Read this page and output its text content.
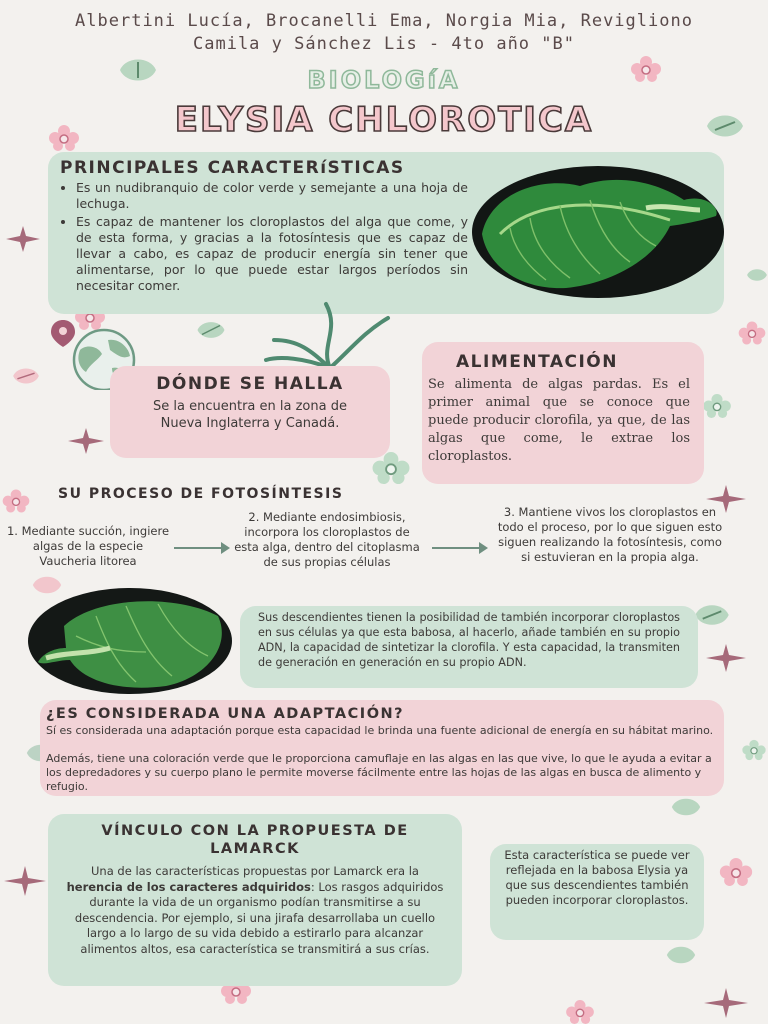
Albertini Lucía, Brocanelli Ema, Norgia Mia, Revigliono
Camila y Sánchez Lis - 4to año "B"
BIOLOGíA
ELYSIA CHLOROTICA
PRINCIPALES CARACTERíSTICAS
• Es un nudibranquio de color verde y semejante a una hoja de lechuga.
• Es capaz de mantener los cloroplastos del alga que come, y de esta forma, y gracias a la fotosíntesis que es capaz de llevar a cabo, es capaz de producir energía sin tener que alimentarse, por lo que puede estar largos períodos sin necesitar comer.
DÓNDE SE HALLA
Se la encuentra en la zona de Nueva Inglaterra y Canadá.
ALIMENTACIÓN
Se alimenta de algas pardas. Es el primer animal que se conoce que puede producir clorofila, ya que, de las algas que come, le extrae los cloroplastos.
SU PROCESO DE FOTOSÍNTESIS
1. Mediante succión, ingiere algas de la especie Vaucheria litorea
2. Mediante endosimbiosis, incorpora los cloroplastos de esta alga, dentro del citoplasma de sus propias células
3. Mantiene vivos los cloroplastos en todo el proceso, por lo que siguen esto siguen realizando la fotosíntesis, como si estuvieran en la propia alga.
Sus descendientes tienen la posibilidad de también incorporar cloroplastos en sus células ya que esta babosa, al hacerlo, añade también en su propio ADN, la capacidad de sintetizar la clorofila. Y esta capacidad, la transmiten de generación en generación en su propio ADN.
¿ES CONSIDERADA UNA ADAPTACIÓN?
Sí es considerada una adaptación porque esta capacidad le brinda una fuente adicional de energía en su hábitat marino.
Además, tiene una coloración verde que le proporciona camuflaje en las algas en las que vive, lo que le ayuda a evitar a los depredadores y su cuerpo plano le permite moverse fácilmente entre las hojas de las algas en busca de alimento y refugio.
VÍNCULO CON LA PROPUESTA DE LAMARCK
Una de las características propuestas por Lamarck era la herencia de los caracteres adquiridos: Los rasgos adquiridos durante la vida de un organismo podían transmitirse a su descendencia. Por ejemplo, si una jirafa desarrollaba un cuello largo a lo largo de su vida debido a estirarlo para alcanzar alimentos altos, esa característica se transmitirá a sus crías.
Esta característica se puede ver reflejada en la babosa Elysia ya que sus descendientes también pueden incorporar cloroplastos.
